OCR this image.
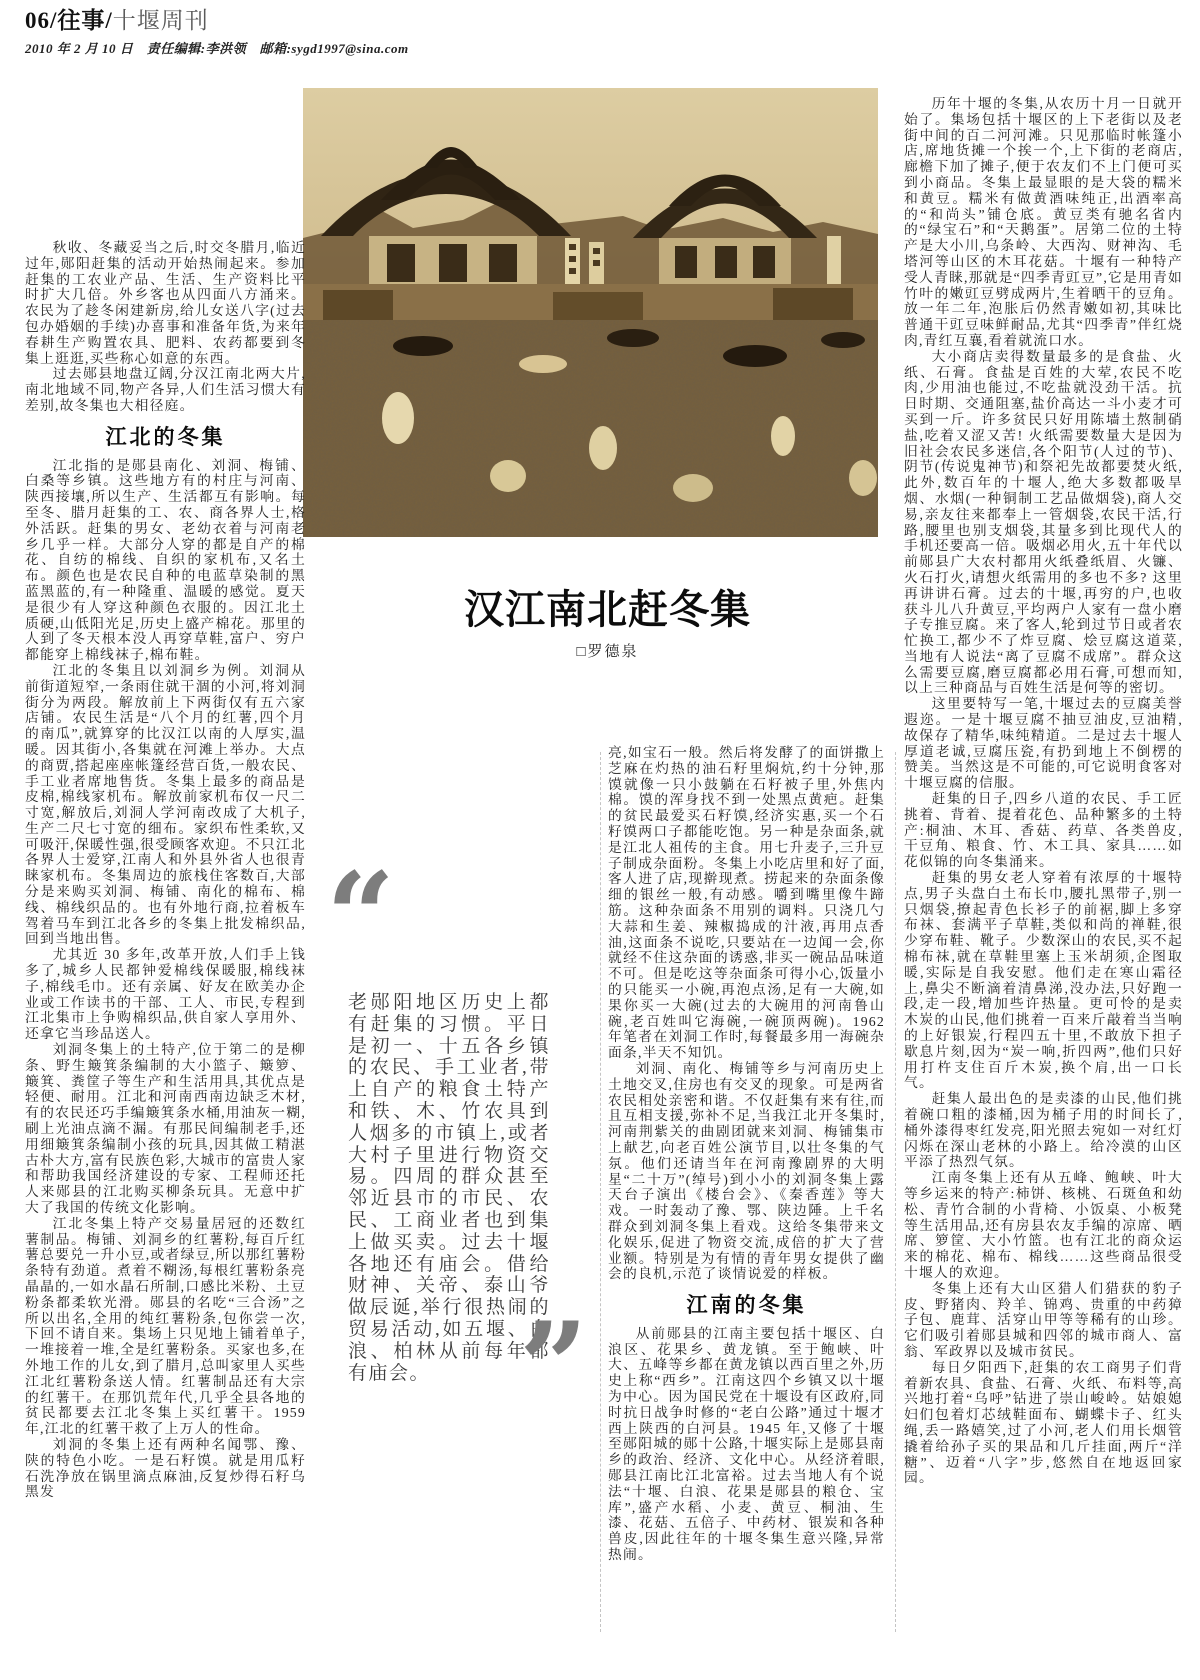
06/往事/十堰周刊
2010 年 2 月 10 日　责任编辑:李洪领　邮箱:sygd1997@sina.com
汉江南北赶冬集
□罗德泉
秋收、冬藏妥当之后,时交冬腊月,临近过年,郧阳赶集的活动开始热闹起来。参加赶集的工农业产品、生活、生产资料比平时扩大几倍。外乡客也从四面八方涌来。农民为了趁冬闲建新房,给儿女送八字(过去包办婚姻的手续)办喜事和准备年货,为来年春耕生产购置农具、肥料、农药都要到冬集上逛逛,买些称心如意的东西。
过去郧县地盘辽阔,分汉江南北两大片,南北地域不同,物产各异,人们生活习惯大有差别,故冬集也大相径庭。
江北的冬集
江北指的是郧县南化、刘洞、梅铺、白桑等乡镇。这些地方有的村庄与河南、陕西接壤,所以生产、生活都互有影响。每至冬、腊月赶集的工、农、商各界人士,格外活跃。赶集的男女、老幼衣着与河南老乡几乎一样。大部分人穿的都是自产的棉花、自纺的棉线、自织的家机布,又名土布。颜色也是农民自种的电蓝草染制的黑蓝黑蓝的,有一种隆重、温暖的感觉。夏天是很少有人穿这种颜色衣服的。因江北土质硬,山低阳光足,历史上盛产棉花。那里的人到了冬天根本没人再穿草鞋,富户、穷户都能穿上棉线袜子,棉布鞋。
江北的冬集且以刘洞乡为例。刘洞从前街道短窄,一条雨住就干涸的小河,将刘洞街分为两段。解放前上下两街仅有五六家店铺。农民生活是“八个月的红薯,四个月的南瓜”,就算穿的比汉江以南的人厚实,温暖。因其街小,各集就在河滩上举办。大点的商贾,搭起座座帐篷经营百货,一般农民、手工业者席地售货。冬集上最多的商品是皮棉,棉线家机布。解放前家机布仅一尺二寸宽,解放后,刘洞人学河南改成了大机子,生产二尺七寸宽的细布。家织布性柔软,又可吸汗,保暖性强,很受顾客欢迎。不只江北各界人士爱穿,江南人和外县外省人也很青睐家机布。冬集周边的旅栈住客数百,大部分是来购买刘洞、梅铺、南化的棉布、棉线、棉线织品的。也有外地行商,拉着板车驾着马车到江北各乡的冬集上批发棉织品,回到当地出售。
尤其近 30 多年,改革开放,人们手上钱多了,城乡人民都钟爱棉线保暖服,棉线袜子,棉线毛巾。还有亲属、好友在欧美办企业或工作读书的干部、工人、市民,专程到江北集市上争购棉织品,供自家人享用外、还拿它当珍品送人。
刘洞冬集上的土特产,位于第二的是柳条、野生簸箕条编制的大小篮子、簸箩、簸箕、粪筐子等生产和生活用具,其优点是轻便、耐用。江北和河南西南边缺乏木材,有的农民还巧手编簸箕条水桶,用油灰一糊,刷上光油点滴不漏。有那民间编制老手,还用细簸箕条编制小孩的玩具,因其做工精湛古朴大方,富有民族色彩,大城市的富贵人家和帮助我国经济建设的专家、工程师还托人来郧县的江北购买柳条玩具。无意中扩大了我国的传统文化影响。
江北冬集上特产交易量居冠的还数红薯制品。梅铺、刘洞乡的红薯粉,每百斤红薯总要兑一升小豆,或者绿豆,所以那红薯粉条特有劲道。煮着不糊汤,每根红薯粉条亮晶晶的,一如水晶石所制,口感比米粉、土豆粉条都柔软光滑。郧县的名吃“三合汤”之所以出名,全用的纯红薯粉条,包你尝一次,下回不请自来。集场上只见地上铺着单子,一堆接着一堆,全是红薯粉条。买家也多,在外地工作的儿女,到了腊月,总叫家里人买些江北红薯粉条送人情。红薯制品还有大宗的红薯干。在那饥荒年代,几乎全县各地的贫民都要去江北冬集上买红薯干。1959 年,江北的红薯干救了上万人的性命。
刘洞的冬集上还有两种名闻鄂、豫、陕的特色小吃。一是石籽馍。就是用瓜籽石洗净放在锅里滴点麻油,反复炒得石籽乌黑发
“
老郧阳地区历史上都有赶集的习惯。平日是初一、十五各乡镇的农民、手工业者,带上自产的粮食土特产和铁、木、竹农具到人烟多的市镇上,或者大村子里进行物资交易。四周的群众甚至邻近县市的市民、农民、工商业者也到集上做买卖。过去十堰各地还有庙会。借给财神、关帝、泰山爷做辰诞,举行很热闹的贸易活动,如五堰、白浪、柏林从前每年都有庙会。 ”
亮,如宝石一般。然后将发酵了的面饼撒上芝麻在灼热的油石籽里焖炕,约十分钟,那馍就像一只小鼓躺在石籽被子里,外焦内棉。馍的浑身找不到一处黑点黄疤。赶集的贫民最爱买石籽馍,经济实惠,买一个石籽馍两口子都能吃饱。另一种是杂面条,就是江北人祖传的主食。用七升麦子,三升豆子制成杂面粉。冬集上小吃店里和好了面,客人进了店,现擀现煮。捞起来的杂面条像细的银丝一般,有动感。嚼到嘴里像牛蹄筋。这种杂面条不用别的调料。只浇几勺大蒜和生姜、辣椒捣成的汁液,再用点香油,这面条不说吃,只要站在一边闻一会,你就经不住这杂面的诱惑,非买一碗品品味道不可。但是吃这等杂面条可得小心,饭量小的只能买一小碗,再泡点汤,足有一大碗,如果你买一大碗(过去的大碗用的河南鲁山碗,老百姓叫它海碗,一碗顶两碗)。1962 年笔者在刘洞工作时,每餐最多用一海碗杂面条,半天不知饥。
刘洞、南化、梅铺等乡与河南历史上土地交叉,住房也有交叉的现象。可是两省农民相处亲密和谐。不仅赶集有来有往,而且互相支援,弥补不足,当我江北开冬集时,河南荆紫关的曲剧团就来刘洞、梅铺集市上献艺,向老百姓公演节目,以壮冬集的气氛。他们还请当年在河南豫剧界的大明星“二十万”(绰号)到小小的刘洞冬集上露天台子演出《楼台会》、《秦香莲》等大戏。一时轰动了豫、鄂、陕边陲。上千名群众到刘洞冬集上看戏。这给冬集带来文化娱乐,促进了物资交流,成倍的扩大了营业额。特别是为有情的青年男女提供了幽会的良机,示范了谈情说爱的样板。
江南的冬集
从前郧县的江南主要包括十堰区、白浪区、花果乡、黄龙镇。至于鲍峡、叶大、五峰等乡都在黄龙镇以西百里之外,历史上称“西乡”。江南这四个乡镇又以十堰为中心。因为国民党在十堰设有区政府,同时抗日战争时修的“老白公路”通过十堰才西上陕西的白河县。1945 年,又修了十堰至郧阳城的郧十公路,十堰实际上是郧县南乡的政治、经济、文化中心。从经济着眼,郧县江南比江北富裕。过去当地人有个说法“十堰、白浪、花果是郧县的粮仓、宝库”,盛产水稻、小麦、黄豆、桐油、生漆、花菇、五倍子、中药材、银炭和各种兽皮,因此往年的十堰冬集生意兴隆,异常热闹。
历年十堰的冬集,从农历十月一日就开始了。集场包括十堰区的上下老街以及老街中间的百二河河滩。只见那临时帐篷小店,席地货摊一个挨一个,上下街的老商店,廊檐下加了摊子,便于农友们不上门便可买到小商品。冬集上最显眼的是大袋的糯米和黄豆。糯米有做黄酒味纯正,出酒率高的“和尚头”铺仓底。黄豆类有驰名省内的“绿宝石”和“天鹅蛋”。居第二位的土特产是大小川,乌条岭、大西沟、财神沟、毛塔河等山区的木耳花菇。十堰有一种特产受人青睐,那就是“四季青豇豆”,它是用青如竹叶的嫩豇豆劈成两片,生着晒干的豆角。放一年二年,泡胀后仍然青嫩如初,其味比普通干豇豆味鲜耐品,尤其“四季青”伴红烧肉,青红互襄,看着就流口水。
大小商店卖得数量最多的是食盐、火纸、石膏。食盐是百姓的大荤,农民不吃肉,少用油也能过,不吃盐就没劲干活。抗日时期、交通阻塞,盐价高达一斗小麦才可买到一斤。许多贫民只好用陈墙土熬制硝盐,吃着又涩又苦! 火纸需要数量大是因为旧社会农民多迷信,各个阳节(人过的节)、阴节(传说鬼神节)和祭祀先故都要焚火纸,此外,数百年的十堰人,绝大多数都吸旱烟、水烟(一种铜制工艺品做烟袋),商人交易,亲友往来都奉上一管烟袋,农民干活,行路,腰里也别支烟袋,其量多到比现代人的手机还要高一倍。吸烟必用火,五十年代以前郧县广大农村都用火纸叠纸眉、火镰、火石打火,请想火纸需用的多也不多? 这里再讲讲石膏。过去的十堰,再穷的户,也收获斗儿八升黄豆,平均两户人家有一盘小磨子专推豆腐。来了客人,轮到过节日或者农忙换工,都少不了炸豆腐、烩豆腐这道菜,当地有人说法“离了豆腐不成席”。群众这么需要豆腐,磨豆腐都必用石膏,可想而知,以上三种商品与百姓生活是何等的密切。
这里要特写一笔,十堰过去的豆腐美誉遐迩。一是十堰豆腐不抽豆油皮,豆油精,故保存了精华,味纯精道。二是过去十堰人厚道老诚,豆腐压瓷,有扔到地上不倒楞的赞美。当然这是不可能的,可它说明食客对十堰豆腐的信服。
赶集的日子,四乡八道的农民、手工匠挑着、背着、提着花色、品种繁多的土特产:桐油、木耳、香菇、药草、各类兽皮,干豆角、粮食、竹、木工具、家具……如花似锦的向冬集涌来。
赶集的男女老人穿着有浓厚的十堰特点,男子头盘白土布长巾,腰扎黑带子,别一只烟袋,撩起青色长衫子的前裾,脚上多穿布袜、套满平子草鞋,类似和尚的禅鞋,很少穿布鞋、靴子。少数深山的农民,买不起棉布袜,就在草鞋里塞上玉米胡须,企图取暖,实际是自我安慰。他们走在寒山霜径上,鼻尖不断滴着清鼻涕,没办法,只好跑一段,走一段,增加些许热量。更可怜的是卖木炭的山民,他们挑着一百来斤敲着当当响的上好银炭,行程四五十里,不敢放下担子歇息片刻,因为“炭一响,折四两”,他们只好用打杵支住百斤木炭,换个肩,出一口长气。
赶集人最出色的是卖漆的山民,他们挑着碗口粗的漆桶,因为桶子用的时间长了,桶外漆得枣红发亮,阳光照去宛如一对红灯闪烁在深山老林的小路上。给冷漠的山区平添了热烈气氛。
江南冬集上还有从五峰、鲍峡、叶大等乡运来的特产:柿饼、核桃、石斑鱼和幼松、青竹合制的小背椅、小饭桌、小板凳等生活用品,还有房县农友手编的凉席、晒席、箩筐、大小竹篮。也有江北的商众运来的棉花、棉布、棉线……这些商品很受十堰人的欢迎。
冬集上还有大山区猎人们猎获的豹子皮、野猪肉、羚羊、锦鸡、贵重的中药獐子包、鹿茸、活穿山甲等等稀有的山珍。它们吸引着郧县城和四邻的城市商人、富翁、军政界以及城市贫民。
每日夕阳西下,赶集的农工商男子们背着新农具、食盐、石膏、火纸、布料等,高兴地打着“乌呼”钻进了崇山峻岭。姑娘媳妇们包着灯芯绒鞋面布、蝴蝶卡子、红头绳,丢一路嬉笑,过了小河,老人们用长烟管撬着给孙子买的果品和几斤挂面,两斤“洋糖”、迈着“八字”步,悠然自在地返回家园。
